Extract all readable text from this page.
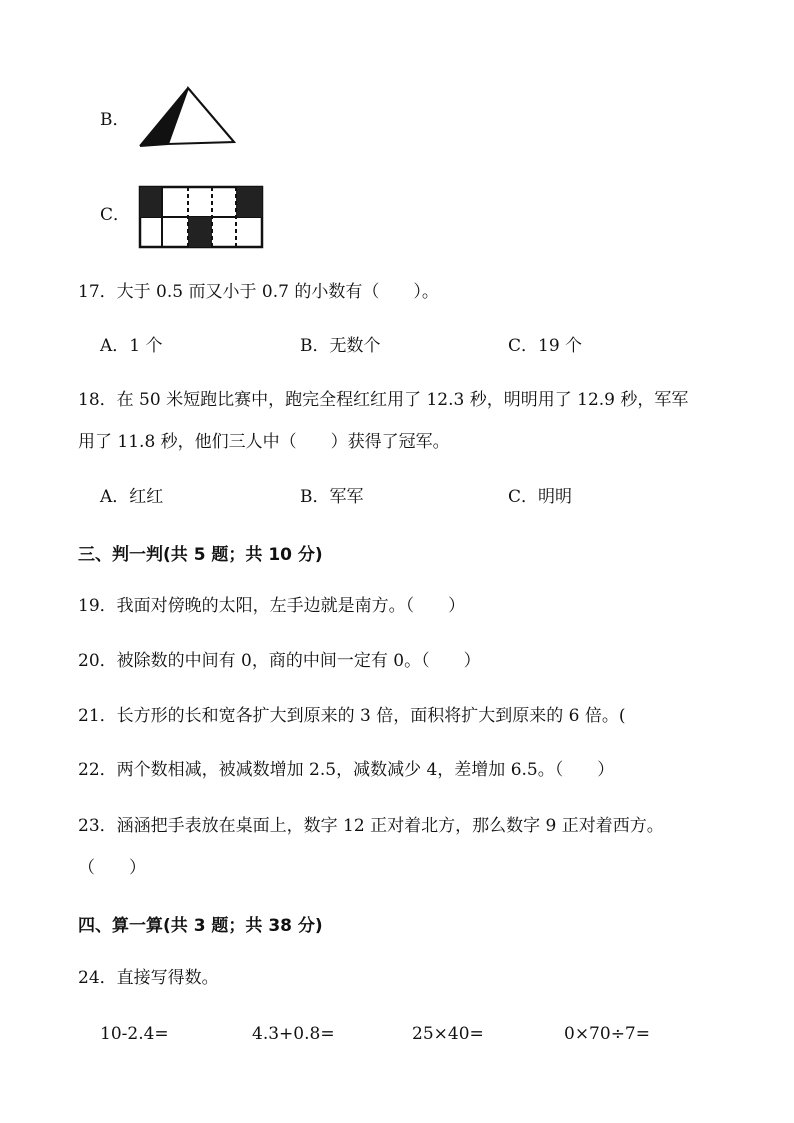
B．
C．
17．大于 0.5 而又小于 0.7 的小数有（　　）。
A．1 个	B．无数个	C．19 个
18．在 50 米短跑比赛中，跑完全程红红用了 12.3 秒，明明用了 12.9 秒，军军
用了 11.8 秒，他们三人中（　　）获得了冠军。
A．红红	B．军军	C．明明
三、判一判(共 5 题；共 10 分)
19．我面对傍晚的太阳，左手边就是南方。（　　）
20．被除数的中间有 0，商的中间一定有 0。（　　）
21．长方形的长和宽各扩大到原来的 3 倍，面积将扩大到原来的 6 倍。(
22．两个数相减，被减数增加 2.5，减数减少 4，差增加 6.5。（　　）
23．涵涵把手表放在桌面上，数字 12 正对着北方，那么数字 9 正对着西方。
（　　）
四、算一算(共 3 题；共 38 分)
24．直接写得数。
10-2.4=	4.3+0.8=	25×40=	0×70÷7=
